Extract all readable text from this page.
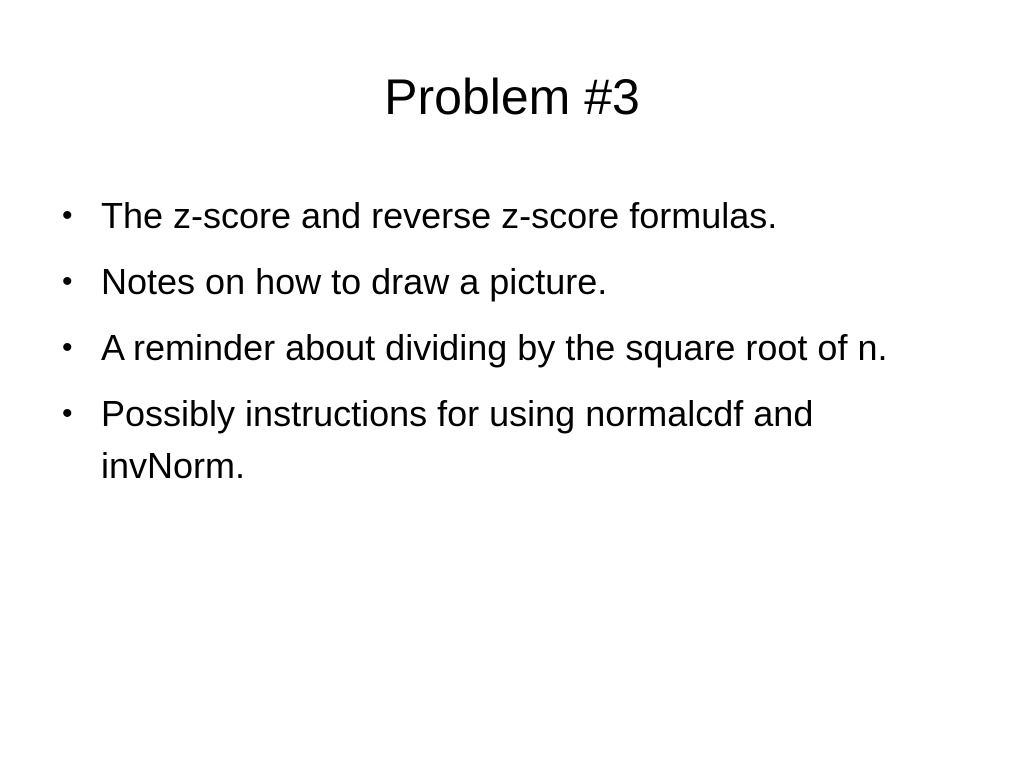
Problem #3
• The z-score and reverse z-score formulas.
• Notes on how to draw a picture.
• A reminder about dividing by the square root of n.
• Possibly instructions for using normalcdf and invNorm.
